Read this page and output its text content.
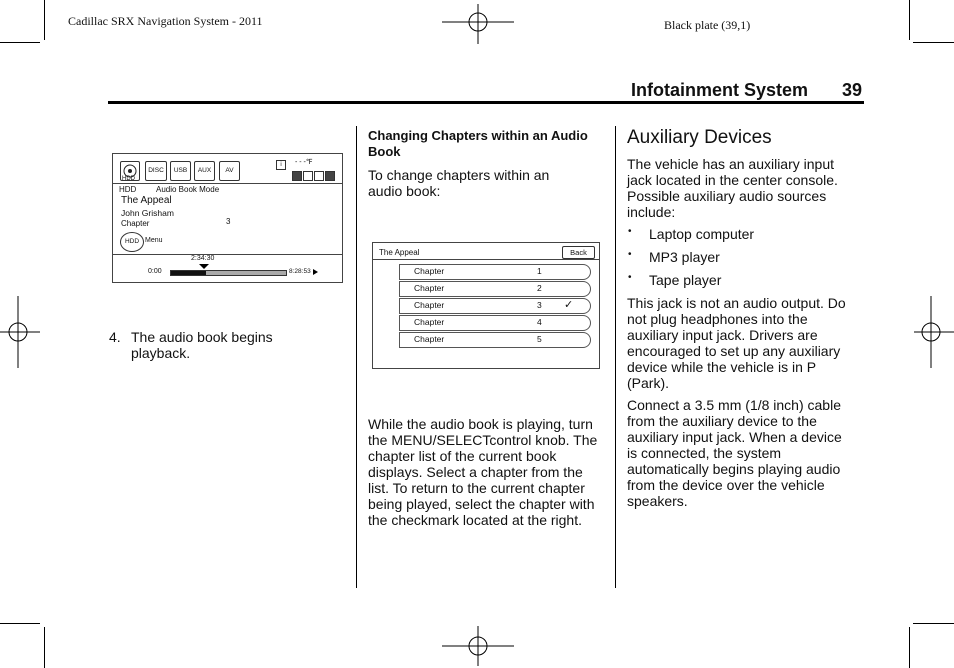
Cadillac SRX Navigation System - 2011	Black plate (39,1)
Infotainment System 39
DISC	USB	AUX	AV
HDD
i	- - -℉
HDD Audio Book Mode
The Appeal
John Grisham
Chapter	3
HDD Menu
2:34:30
0:00	8:28:53
4. The audio book begins playback.
Changing Chapters within an Audio Book
To change chapters within an audio book:
The Appeal	Back
Chapter	1
Chapter	2
Chapter	3 ✓
Chapter	4
Chapter	5
While the audio book is playing, turn the MENU/SELECTcontrol knob. The chapter list of the current book displays. Select a chapter from the list. To return to the current chapter being played, select the chapter with the checkmark located at the right.
Auxiliary Devices
The vehicle has an auxiliary input jack located in the center console. Possible auxiliary audio sources include:
• Laptop computer
• MP3 player
• Tape player
This jack is not an audio output. Do not plug headphones into the auxiliary input jack. Drivers are encouraged to set up any auxiliary device while the vehicle is in P (Park).
Connect a 3.5 mm (1/8 inch) cable from the auxiliary device to the auxiliary input jack. When a device is connected, the system automatically begins playing audio from the device over the vehicle speakers.
